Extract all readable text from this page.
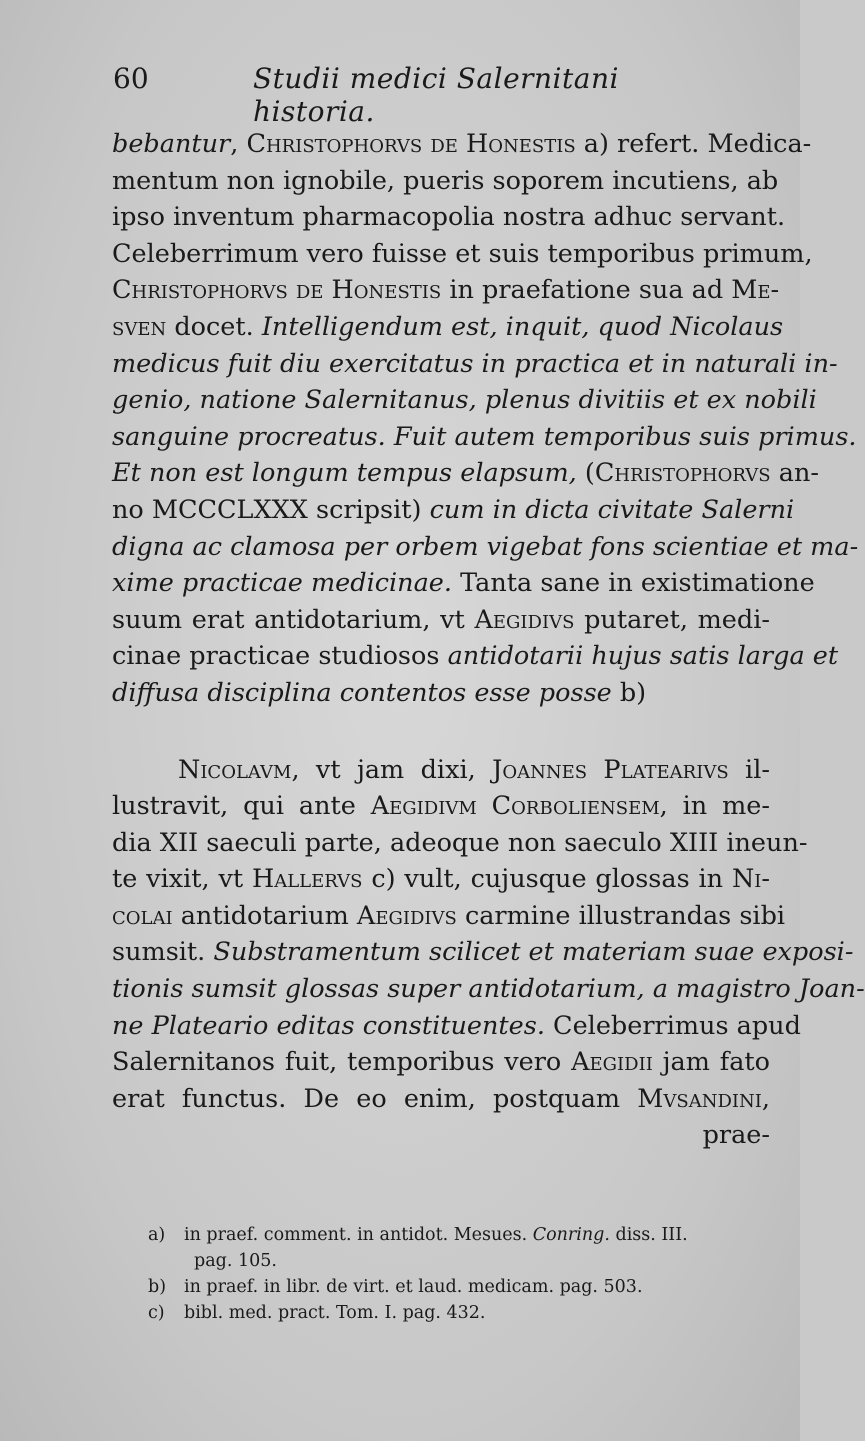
60	Studii medici Salernitani historia.
bebantur, Christophorvs de Honestis a) refert. Medica-
mentum non ignobile, pueris soporem incutiens, ab
ipso inventum pharmacopolia nostra adhuc servant.
Celeberrimum vero fuisse et suis temporibus primum,
Christophorvs de Honestis in praefatione sua ad Me-
sven docet. Intelligendum est, inquit, quod Nicolaus
medicus fuit diu exercitatus in practica et in naturali in-
genio, natione Salernitanus, plenus divitiis et ex nobili
sanguine procreatus. Fuit autem temporibus suis primus.
Et non est longum tempus elapsum, (Christophorvs an-
no MCCCLXXX scripsit) cum in dicta civitate Salerni
digna ac clamosa per orbem vigebat fons scientiae et ma-
xime practicae medicinae. Tanta sane in existimatione
suum erat antidotarium, vt Aegidivs putaret, medi-
cinae practicae studiosos antidotarii hujus satis larga et
diffusa disciplina contentos esse posse b)
Nicolavm, vt jam dixi, Joannes Platearivs il-
lustravit, qui ante Aegidivm Corboliensem, in me-
dia XII saeculi parte, adeoque non saeculo XIII ineun-
te vixit, vt Hallervs c) vult, cujusque glossas in Ni-
colai antidotarium Aegidivs carmine illustrandas sibi
sumsit. Substramentum scilicet et materiam suae exposi-
tionis sumsit glossas super antidotarium, a magistro Joan-
ne Plateario editas constituentes. Celeberrimus apud
Salernitanos fuit, temporibus vero Aegidii jam fato
erat functus. De eo enim, postquam Mvsandini,
prae-
a)	in praef. comment. in antidot. Mesues. Conring. diss. III.
pag. 105.
b)	in praef. in libr. de virt. et laud. medicam. pag. 503.
c)	bibl. med. pract. Tom. I. pag. 432.
